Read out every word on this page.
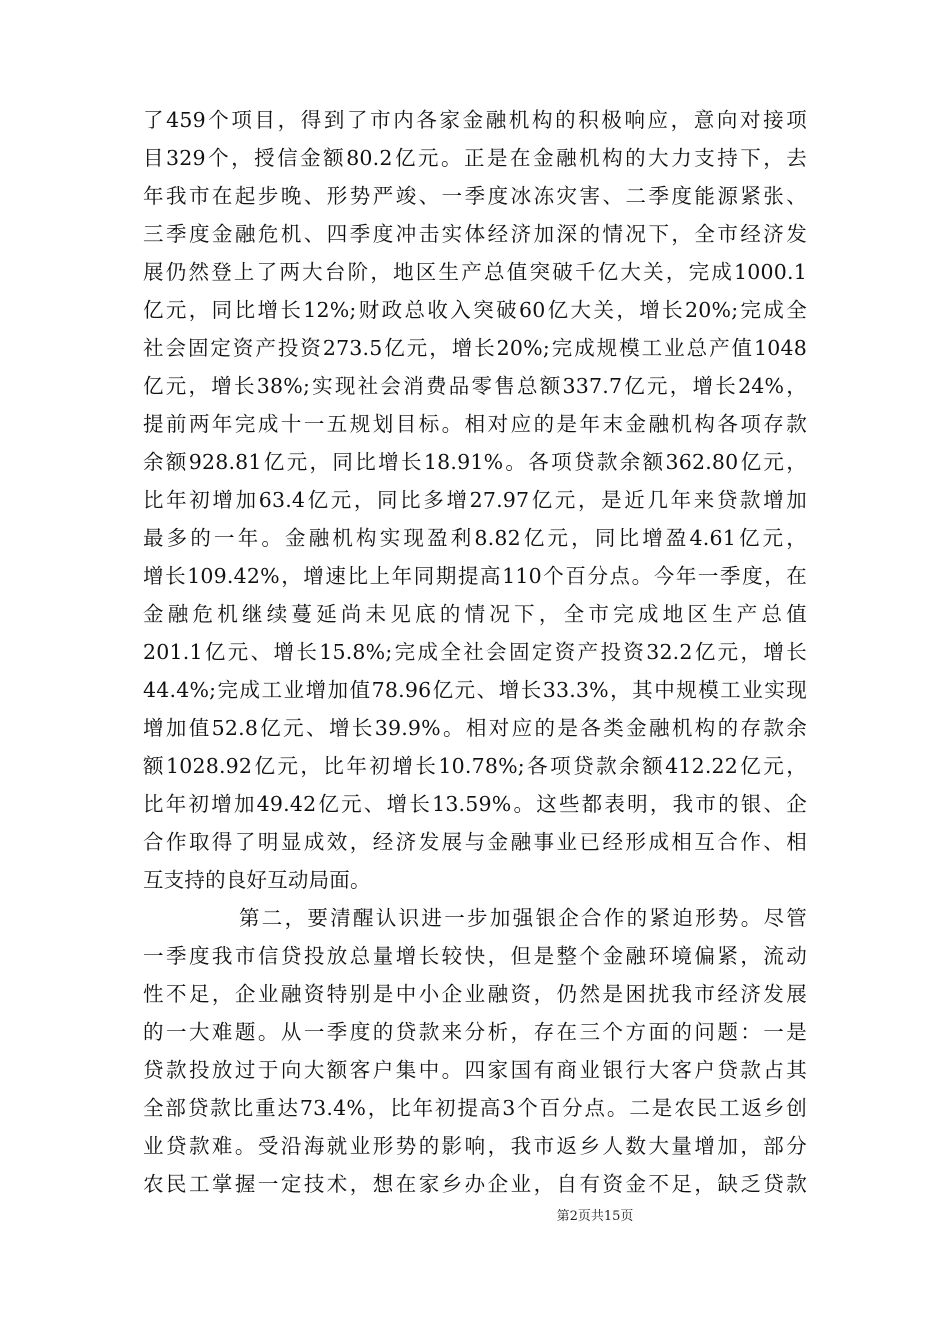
了459个项目，得到了市内各家金融机构的积极响应，意向对接项
目329个，授信金额80.2亿元。正是在金融机构的大力支持下，去
年我市在起步晚、形势严竣、一季度冰冻灾害、二季度能源紧张、
三季度金融危机、四季度冲击实体经济加深的情况下，全市经济发
展仍然登上了两大台阶，地区生产总值突破千亿大关，完成1000.1
亿元，同比增长12%;财政总收入突破60亿大关，增长20%;完成全
社会固定资产投资273.5亿元，增长20%;完成规模工业总产值1048
亿元，增长38%;实现社会消费品零售总额337.7亿元，增长24%，
提前两年完成十一五规划目标。相对应的是年末金融机构各项存款
余额928.81亿元，同比增长18.91%。各项贷款余额362.80亿元，
比年初增加63.4亿元，同比多增27.97亿元，是近几年来贷款增加
最多的一年。金融机构实现盈利8.82亿元，同比增盈4.61亿元，
增长109.42%，增速比上年同期提高110个百分点。今年一季度，在
金融危机继续蔓延尚未见底的情况下，全市完成地区生产总值
201.1亿元、增长15.8%;完成全社会固定资产投资32.2亿元，增长
44.4%;完成工业增加值78.96亿元、增长33.3%，其中规模工业实现
增加值52.8亿元、增长39.9%。相对应的是各类金融机构的存款余
额1028.92亿元，比年初增长10.78%;各项贷款余额412.22亿元，
比年初增加49.42亿元、增长13.59%。这些都表明，我市的银、企
合作取得了明显成效，经济发展与金融事业已经形成相互合作、相
互支持的良好互动局面。
第二，要清醒认识进一步加强银企合作的紧迫形势。尽管
一季度我市信贷投放总量增长较快，但是整个金融环境偏紧，流动
性不足，企业融资特别是中小企业融资，仍然是困扰我市经济发展
的一大难题。从一季度的贷款来分析，存在三个方面的问题：一是
贷款投放过于向大额客户集中。四家国有商业银行大客户贷款占其
全部贷款比重达73.4%，比年初提高3个百分点。二是农民工返乡创
业贷款难。受沿海就业形势的影响，我市返乡人数大量增加，部分
农民工掌握一定技术，想在家乡办企业，自有资金不足，缺乏贷款
第2页共15页
